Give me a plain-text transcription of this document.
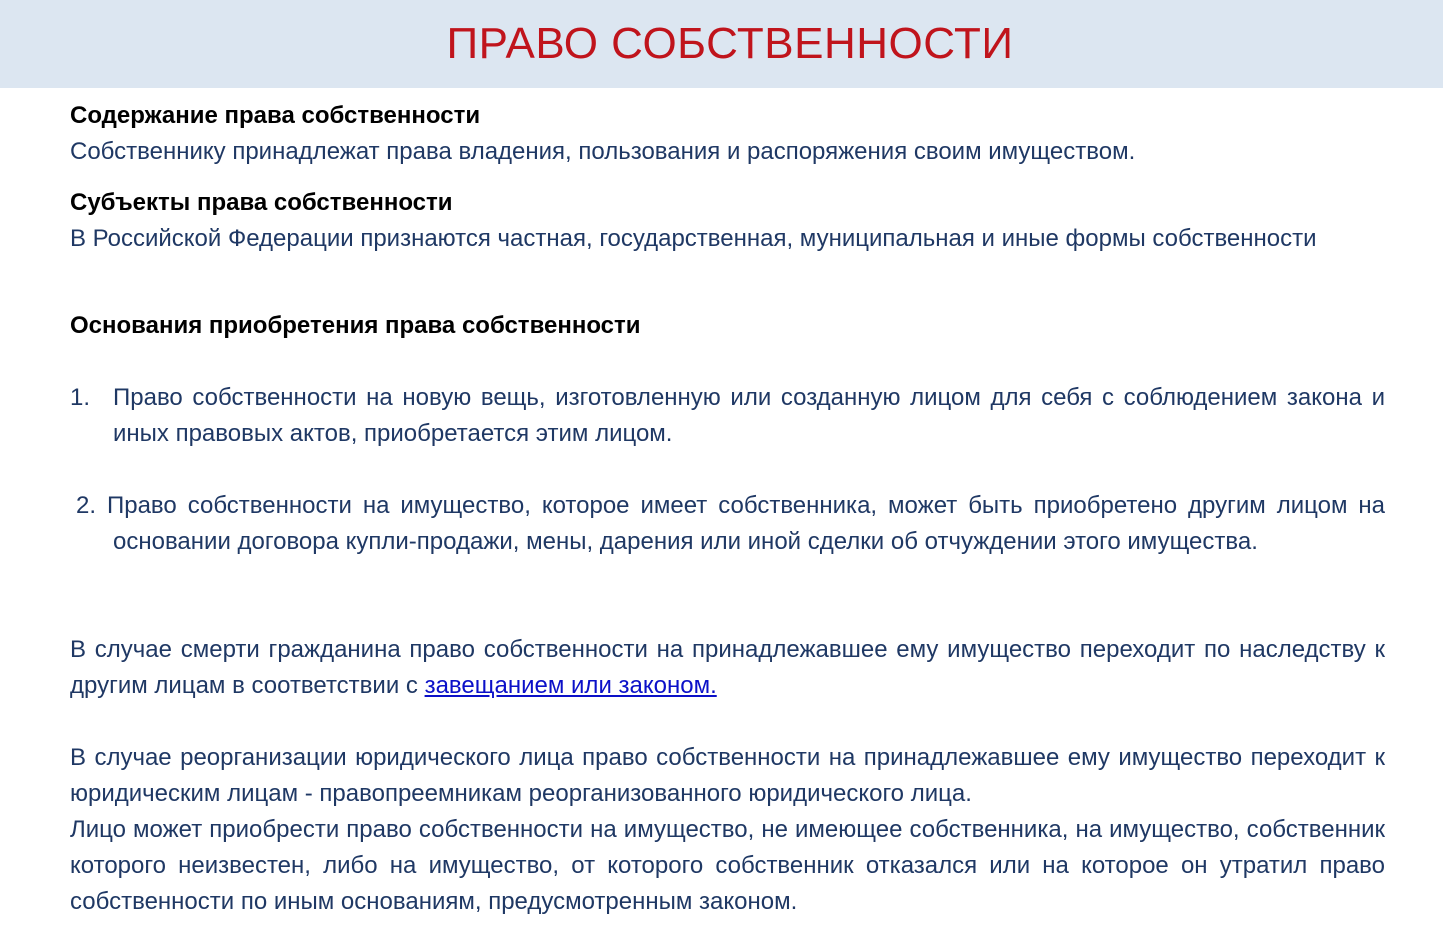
ПРАВО СОБСТВЕННОСТИ
Содержание права собственности
Собственнику принадлежат права владения, пользования и распоряжения своим имуществом.
Субъекты права собственности
В Российской Федерации признаются частная, государственная, муниципальная и иные формы собственности
Основания приобретения права собственности
1. Право собственности на новую вещь, изготовленную или созданную лицом для себя с соблюдением закона и иных правовых актов, приобретается этим лицом.
2. Право собственности на имущество, которое имеет собственника, может быть приобретено другим лицом на основании договора купли-продажи, мены, дарения или иной сделки об отчуждении этого имущества.
В случае смерти гражданина право собственности на принадлежавшее ему имущество переходит по наследству к другим лицам в соответствии с завещанием или законом.
В случае реорганизации юридического лица право собственности на принадлежавшее ему имущество переходит к юридическим лицам - правопреемникам реорганизованного юридического лица.
Лицо может приобрести право собственности на имущество, не имеющее собственника, на имущество, собственник которого неизвестен, либо на имущество, от которого собственник отказался или на которое он утратил право собственности по иным основаниям, предусмотренным законом.
